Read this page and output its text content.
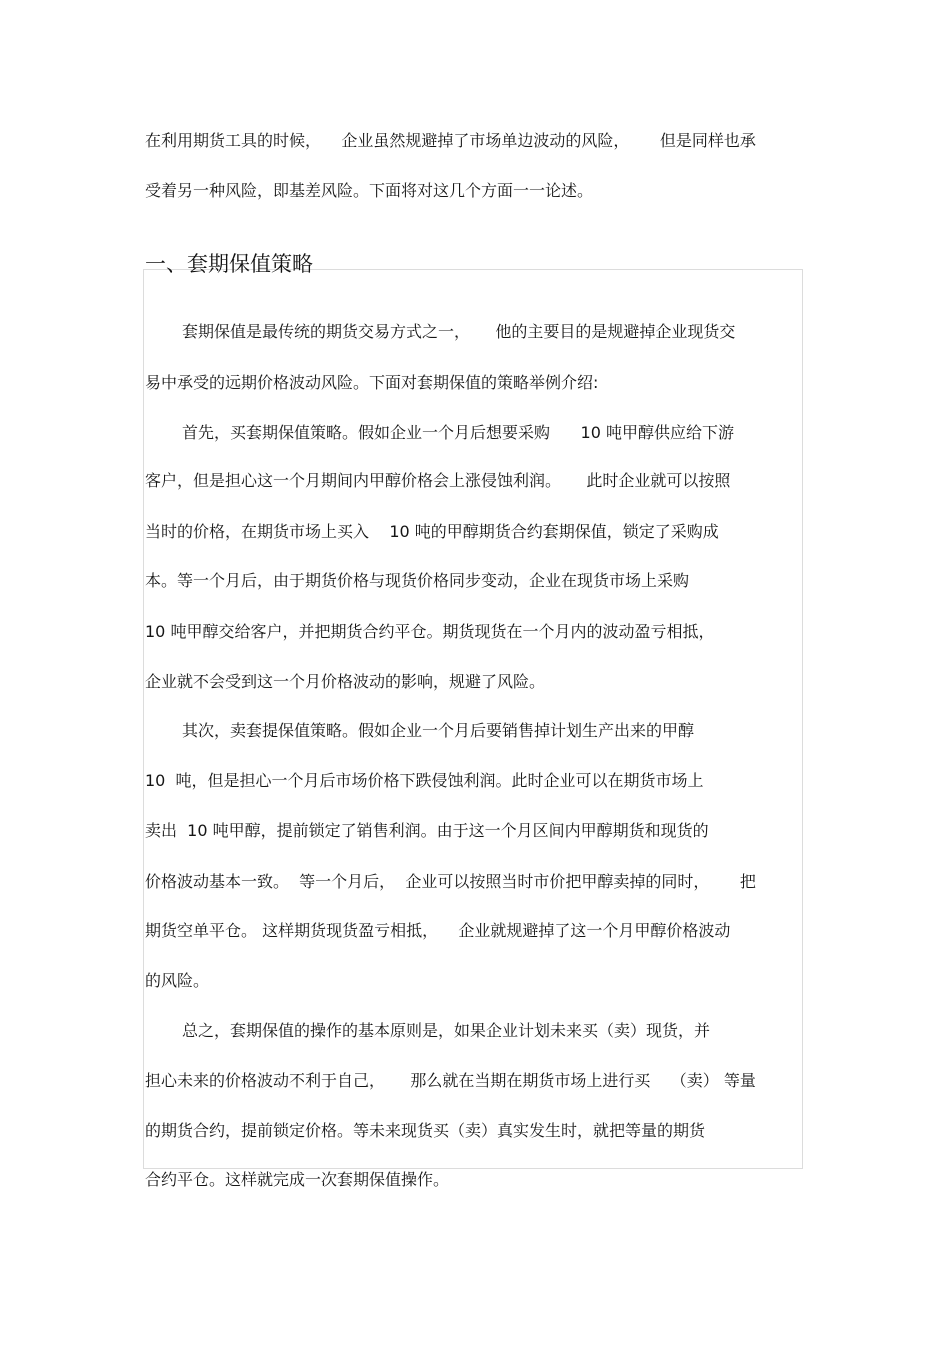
在利用期货工具的时候，    企业虽然规避掉了市场单边波动的风险，      但是同样也承
受着另一种风险，即基差风险。下面将对这几个方面一一论述。
一、套期保值策略
套期保值是最传统的期货交易方式之一，     他的主要目的是规避掉企业现货交
易中承受的远期价格波动风险。下面对套期保值的策略举例介绍:
首先，买套期保值策略。假如企业一个月后想要采购      10 吨甲醇供应给下游
客户，但是担心这一个月期间内甲醇价格会上涨侵蚀利润。     此时企业就可以按照
当时的价格，在期货市场上买入    10 吨的甲醇期货合约套期保值，锁定了采购成
本。等一个月后，由于期货价格与现货价格同步变动，企业在现货市场上采购
10 吨甲醇交给客户，并把期货合约平仓。期货现货在一个月内的波动盈亏相抵，
企业就不会受到这一个月价格波动的影响，规避了风险。
其次，卖套提保值策略。假如企业一个月后要销售掉计划生产出来的甲醇
10  吨，但是担心一个月后市场价格下跌侵蚀利润。此时企业可以在期货市场上
卖出  10 吨甲醇，提前锁定了销售利润。由于这一个月区间内甲醇期货和现货的
价格波动基本一致。  等一个月后，  企业可以按照当时市价把甲醇卖掉的同时，      把
期货空单平仓。 这样期货现货盈亏相抵，    企业就规避掉了这一个月甲醇价格波动
的风险。
总之，套期保值的操作的基本原则是，如果企业计划未来买（卖）现货，并
担心未来的价格波动不利于自己，     那么就在当期在期货市场上进行买    （卖） 等量
的期货合约，提前锁定价格。等未来现货买（卖）真实发生时，就把等量的期货
合约平仓。这样就完成一次套期保值操作。
